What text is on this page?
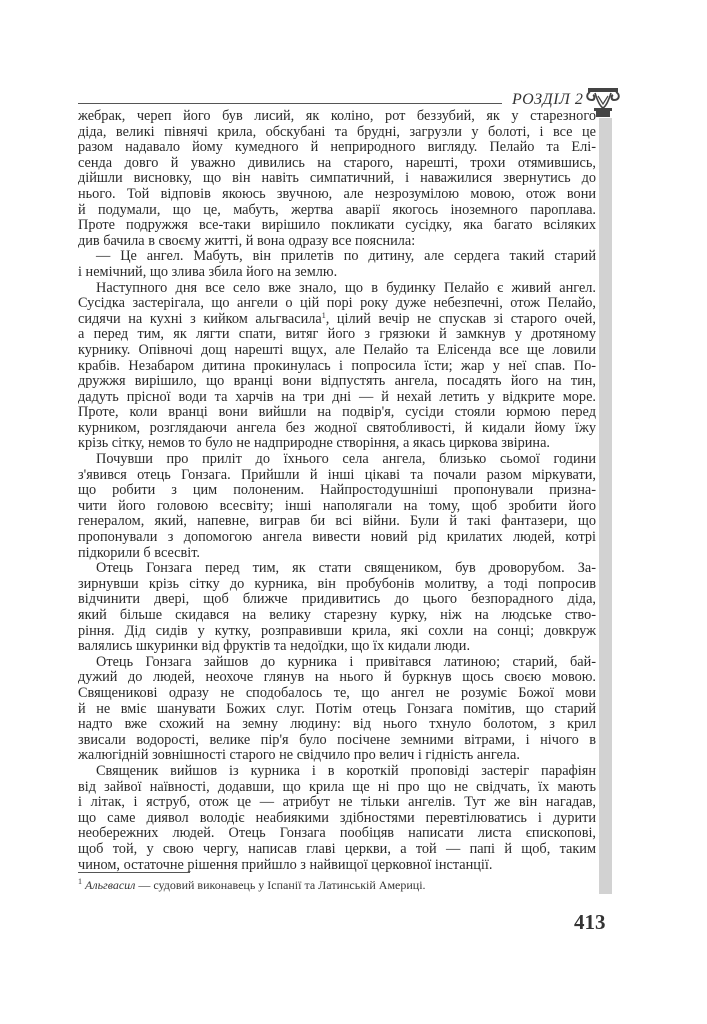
РОЗДІЛ 2
жебрак, череп його був лисий, як коліно, рот беззубий, як у старезного
діда, великі півнячі крила, обскубані та брудні, загрузли у болоті, і все це
разом надавало йому кумедного й неприродного вигляду. Пелайо та Елі-
сенда довго й уважно дивились на старого, нарешті, трохи отямившись,
дійшли висновку, що він навіть симпатичний, і наважилися звернутись до
нього. Той відповів якоюсь звучною, але незрозумілою мовою, отож вони
й подумали, що це, мабуть, жертва аварії якогось іноземного пароплава.
Проте подружжя все-таки вирішило покликати сусідку, яка багато всіляких
див бачила в своєму житті, й вона одразу все пояснила:
— Це ангел. Мабуть, він прилетів по дитину, але сердега такий старий
і немічний, що злива збила його на землю.
Наступного дня все село вже знало, що в будинку Пелайо є живий ангел.
Сусідка застерігала, що ангели о цій порі року дуже небезпечні, отож Пелайо,
сидячи на кухні з кийком альгвасила$^1$, цілий вечір не спускав зі старого очей,
а перед тим, як лягти спати, витяг його з грязюки й замкнув у дротяному
курнику. Опівночі дощ нарешті вщух, але Пелайо та Елісенда все ще ловили
крабів. Незабаром дитина прокинулась і попросила їсти; жар у неї спав. По-
дружжя вирішило, що вранці вони відпустять ангела, посадять його на тин,
дадуть прісної води та харчів на три дні — й нехай летить у відкрите море.
Проте, коли вранці вони вийшли на подвір'я, сусіди стояли юрмою перед
курником, розглядаючи ангела без жодної святобливості, й кидали йому їжу
крізь сітку, немов то було не надприродне створіння, а якась циркова звірина.
Почувши про приліт до їхнього села ангела, близько сьомої години
з'явився отець Гонзага. Прийшли й інші цікаві та почали разом міркувати,
що робити з цим полоненим. Найпростодушніші пропонували призна-
чити його головою всесвіту; інші наполягали на тому, щоб зробити його
генералом, який, напевне, виграв би всі війни. Були й такі фантазери, що
пропонували з допомогою ангела вивести новий рід крилатих людей, котрі
підкорили б всесвіт.
Отець Гонзага перед тим, як стати священиком, був дроворубом. За-
зирнувши крізь сітку до курника, він пробубонів молитву, а тоді попросив
відчинити двері, щоб ближче придивитись до цього безпорадного діда,
який більше скидався на велику старезну курку, ніж на людське ство-
ріння. Дід сидів у кутку, розправивши крила, які сохли на сонці; довкруж
валялись шкуринки від фруктів та недоїдки, що їх кидали люди.
Отець Гонзага зайшов до курника і привітався латиною; старий, бай-
дужий до людей, неохоче глянув на нього й буркнув щось своєю мовою.
Священикові одразу не сподобалось те, що ангел не розуміє Божої мови
й не вміє шанувати Божих слуг. Потім отець Гонзага помітив, що старий
надто вже схожий на земну людину: від нього тхнуло болотом, з крил
звисали водорості, велике пір'я було посічене земними вітрами, і нічого в
жалюгідній зовнішності старого не свідчило про велич і гідність ангела.
Священик вийшов із курника і в короткій проповіді застеріг парафіян
від зайвої наївності, додавши, що крила ще ні про що не свідчать, їх мають
і літак, і яструб, отож це — атрибут не тільки ангелів. Тут же він нагадав,
що саме диявол володіє неабиякими здібностями перевтілюватись і дурити
необережних людей. Отець Гонзага пообіцяв написати листа єпископові,
щоб той, у свою чергу, написав главі церкви, а той — папі й щоб, таким
чином, остаточне рішення прийшло з найвищої церковної інстанції.
$^1$ Альгвасил — судовий виконавець у Іспанії та Латинській Америці.
413
